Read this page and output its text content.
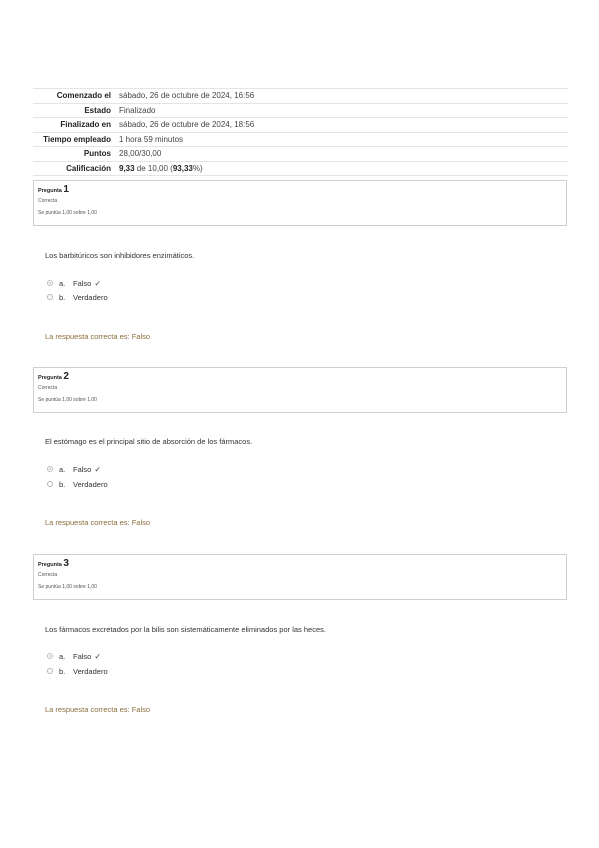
Comenzado el	sábado, 26 de octubre de 2024, 16:56
Estado	Finalizado
Finalizado en	sábado, 26 de octubre de 2024, 18:56
Tiempo empleado	1 hora 59 minutos
Puntos	28,00/30,00
Calificación	9,33 de 10,00 (93,33%)
Pregunta 1
Correcta
Se puntúa 1,00 sobre 1,00
Los barbitúricos son inhibidores enzimáticos.
a.	Falso ✓
b.	Verdadero
La respuesta correcta es: Falso
Pregunta 2
Correcta
Se puntúa 1,00 sobre 1,00
El estómago es el principal sitio de absorción de los fármacos.
a.	Falso ✓
b.	Verdadero
La respuesta correcta es: Falso
Pregunta 3
Correcta
Se puntúa 1,00 sobre 1,00
Los fármacos excretados por la bilis son sistemáticamente eliminados por las heces.
a.	Falso ✓
b.	Verdadero
La respuesta correcta es: Falso
